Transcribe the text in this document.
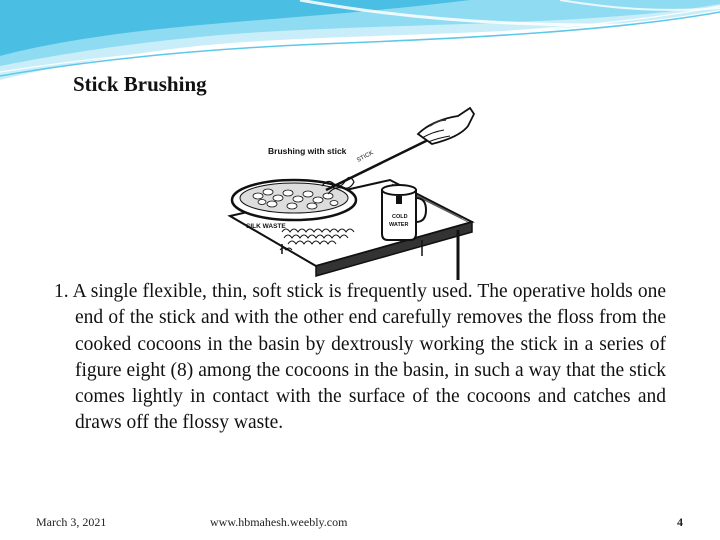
Stick Brushing
Brushing with stick STICK
SILK WASTE
COLD
WATER

1. A single flexible, thin, soft stick is frequently used. The operative holds one end of the stick and with the other end carefully removes the floss from the cooked cocoons in the basin by dextrously working the stick in a series of figure eight (8) among the cocoons in the basin, in such a way that the stick comes lightly in contact with the surface of the cocoons and catches and draws off the flossy waste.

March 3, 2021	www.hbmahesh.weebly.com	4
